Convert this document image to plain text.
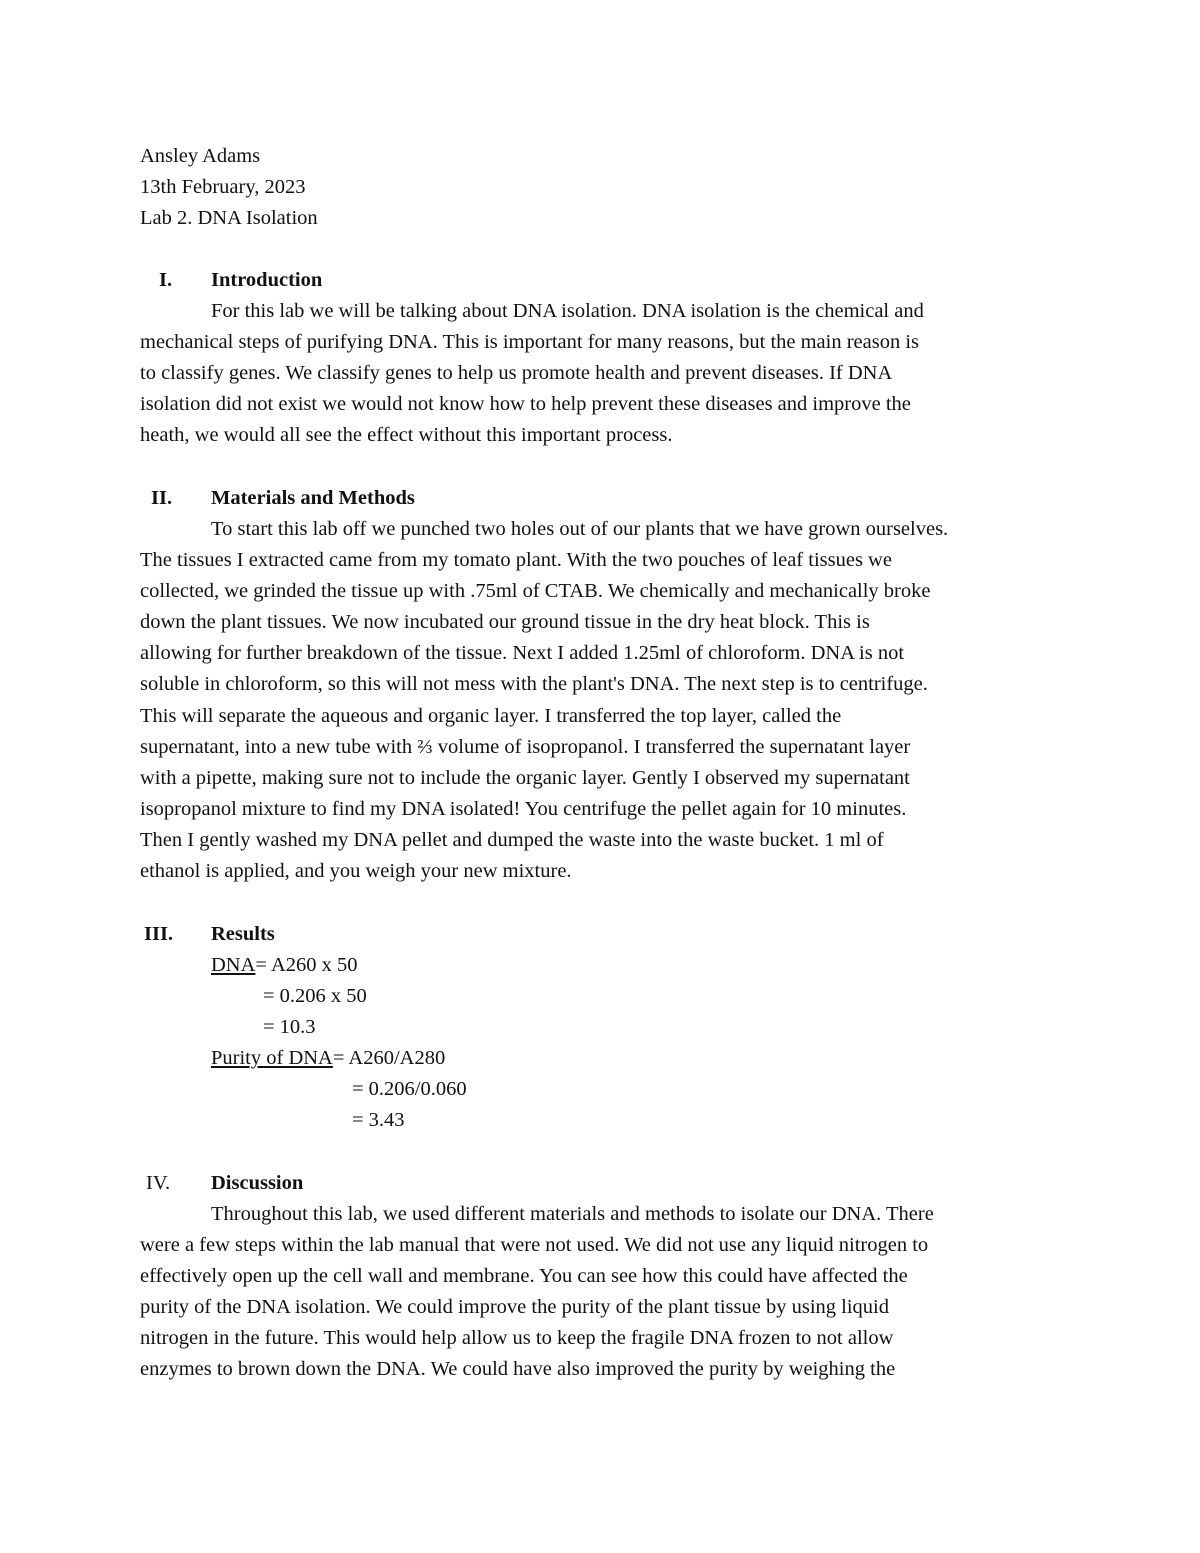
Ansley Adams
13th February, 2023
Lab 2. DNA Isolation
I. Introduction
For this lab we will be talking about DNA isolation. DNA isolation is the chemical and
mechanical steps of purifying DNA. This is important for many reasons, but the main reason is
to classify genes. We classify genes to help us promote health and prevent diseases. If DNA
isolation did not exist we would not know how to help prevent these diseases and improve the
heath, we would all see the effect without this important process.
II. Materials and Methods
To start this lab off we punched two holes out of our plants that we have grown ourselves.
The tissues I extracted came from my tomato plant. With the two pouches of leaf tissues we
collected, we grinded the tissue up with .75ml of CTAB. We chemically and mechanically broke
down the plant tissues. We now incubated our ground tissue in the dry heat block. This is
allowing for further breakdown of the tissue. Next I added 1.25ml of chloroform. DNA is not
soluble in chloroform, so this will not mess with the plant's DNA. The next step is to centrifuge.
This will separate the aqueous and organic layer. I transferred the top layer, called the
supernatant, into a new tube with ⅔ volume of isopropanol. I transferred the supernatant layer
with a pipette, making sure not to include the organic layer. Gently I observed my supernatant
isopropanol mixture to find my DNA isolated! You centrifuge the pellet again for 10 minutes.
Then I gently washed my DNA pellet and dumped the waste into the waste bucket. 1 ml of
ethanol is applied, and you weigh your new mixture.
III. Results
DNA= A260 x 50
= 0.206 x 50
= 10.3
Purity of DNA= A260/A280
= 0.206/0.060
= 3.43
IV. Discussion
Throughout this lab, we used different materials and methods to isolate our DNA. There
were a few steps within the lab manual that were not used. We did not use any liquid nitrogen to
effectively open up the cell wall and membrane. You can see how this could have affected the
purity of the DNA isolation. We could improve the purity of the plant tissue by using liquid
nitrogen in the future. This would help allow us to keep the fragile DNA frozen to not allow
enzymes to brown down the DNA. We could have also improved the purity by weighing the
